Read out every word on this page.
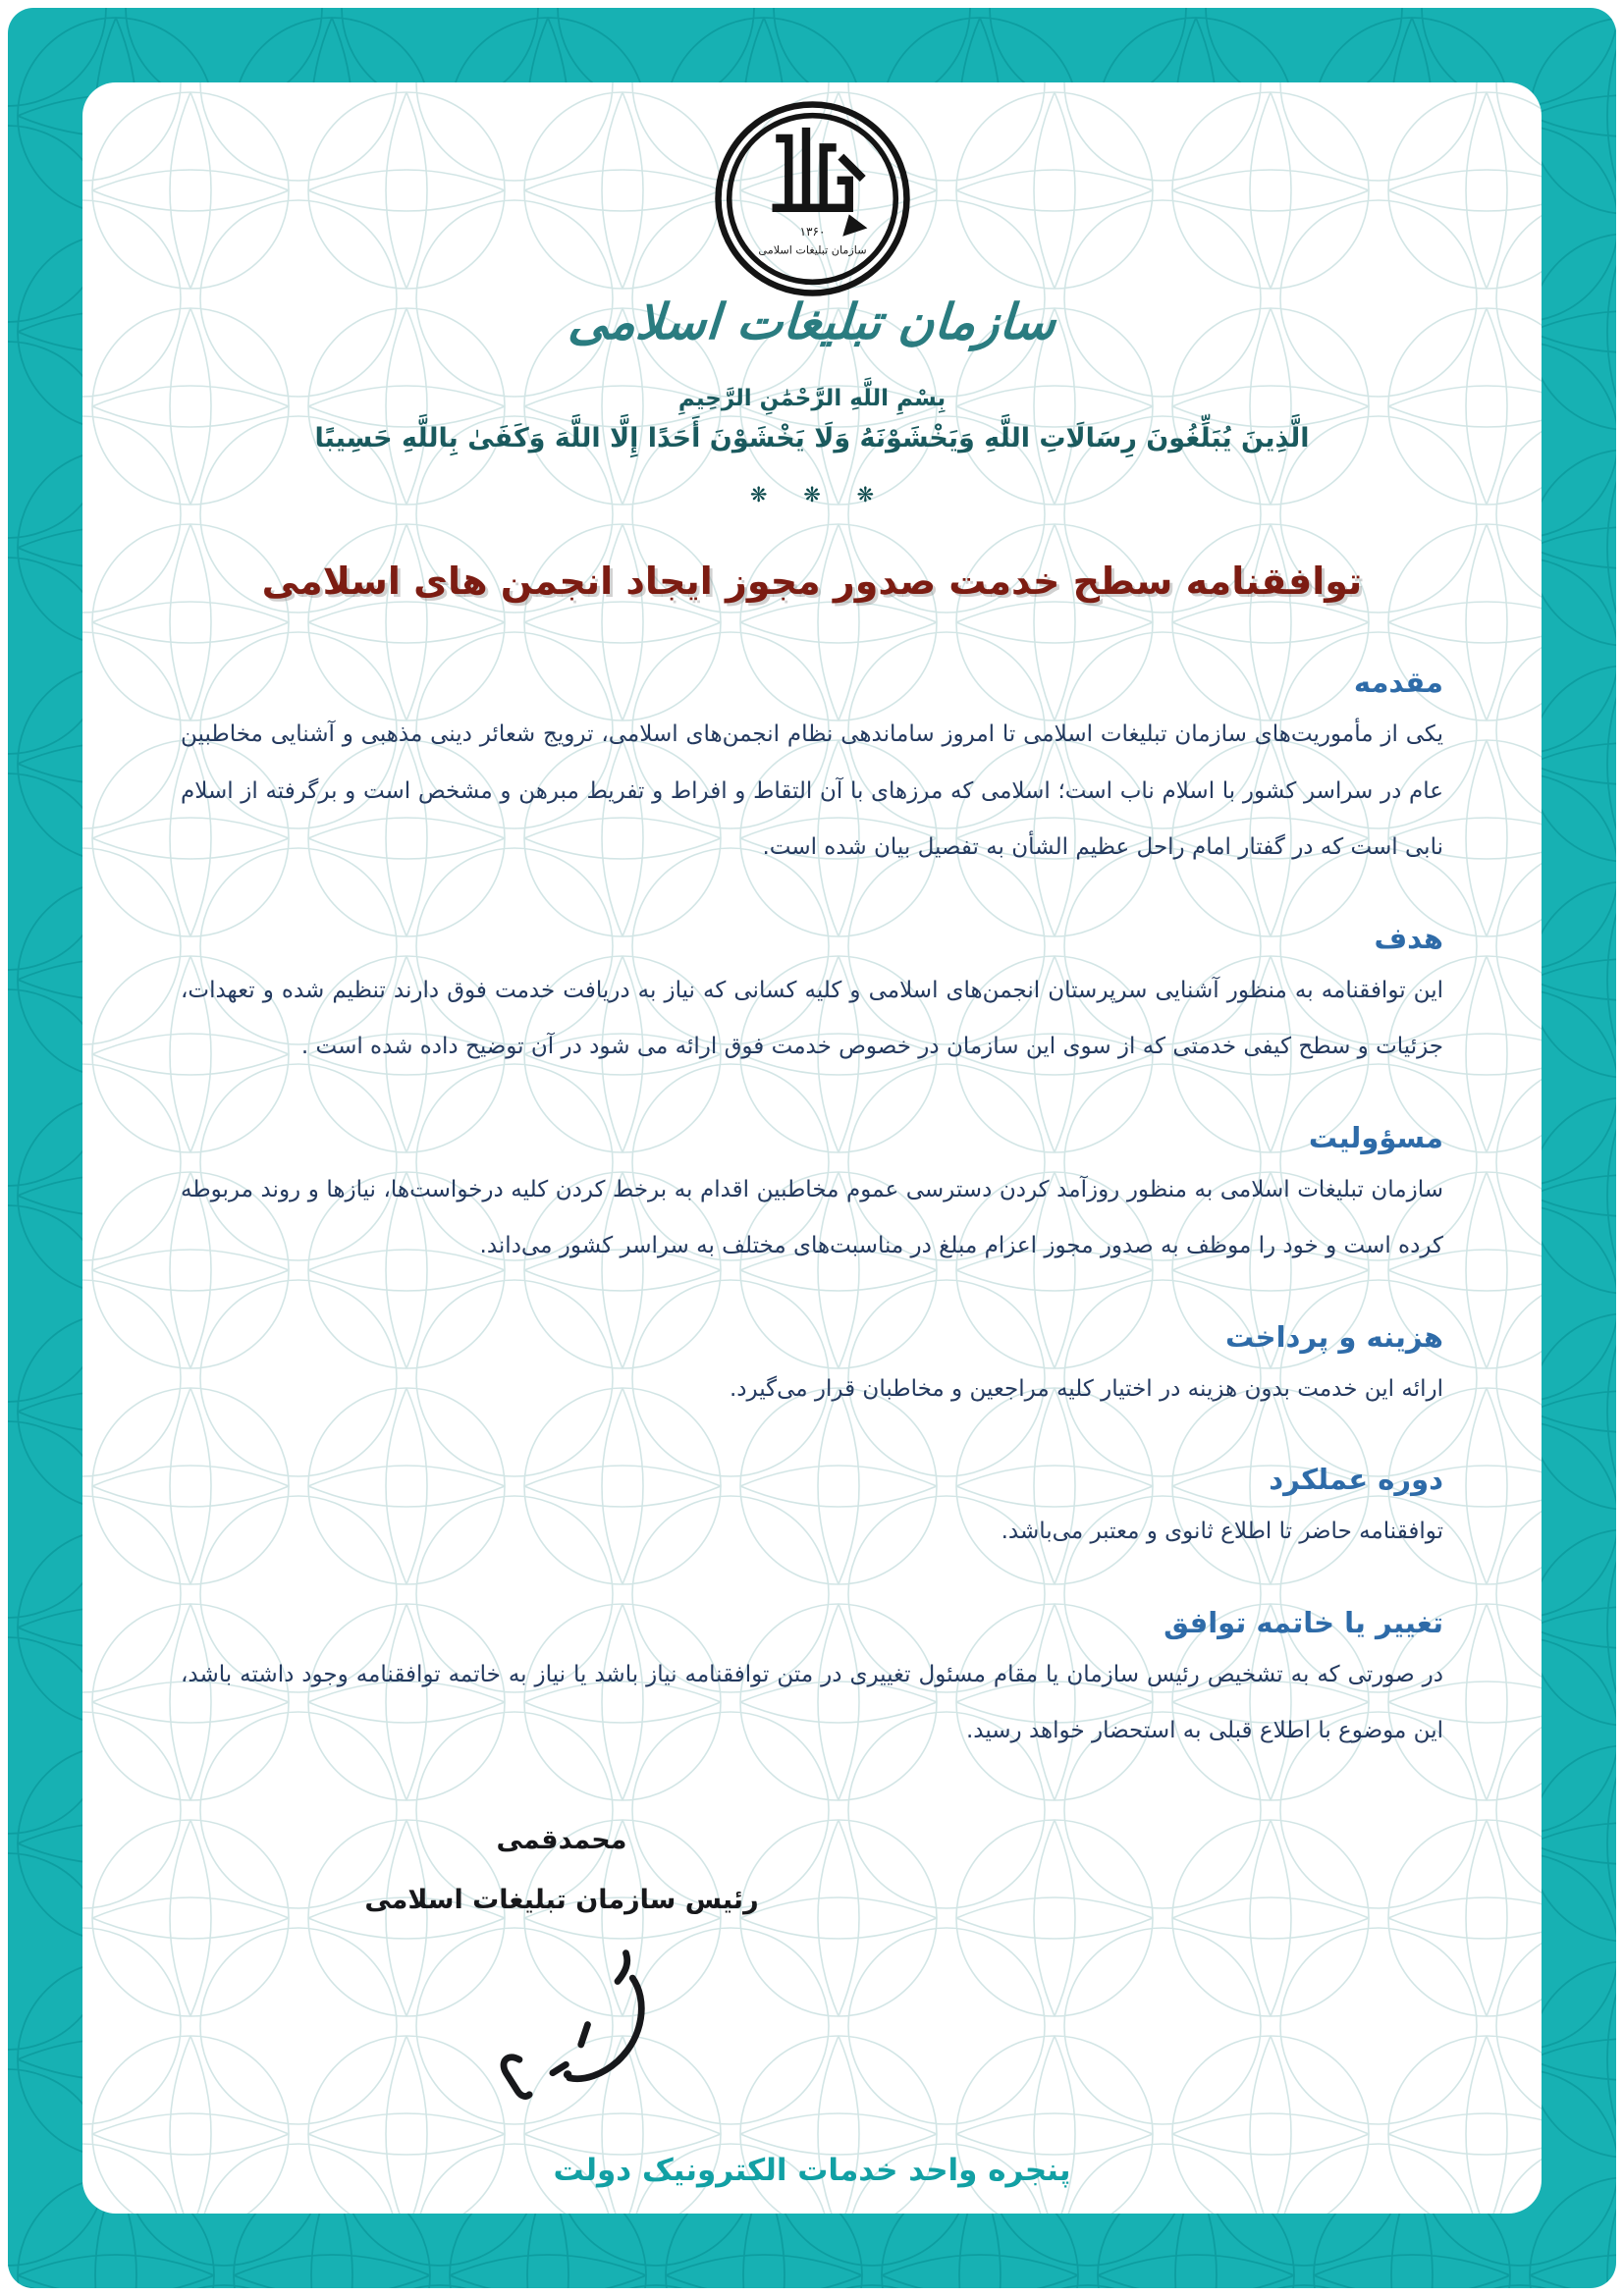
۱۳۶۰
سازمان تبلیغات اسلامی
سازمان تبلیغات اسلامی
بِسْمِ اللَّهِ الرَّحْمَٰنِ الرَّحِيمِ
الَّذِينَ يُبَلِّغُونَ رِسَالَاتِ اللَّهِ وَيَخْشَوْنَهُ وَلَا يَخْشَوْنَ أَحَدًا إِلَّا اللَّهَ وَكَفَىٰ بِاللَّهِ حَسِيبًا
❋ ❋ ❋
توافقنامه سطح خدمت صدور مجوز ایجاد انجمن های اسلامی
مقدمه

یکی از مأموریت‌های سازمان تبلیغات اسلامی تا امروز ساماندهی نظام انجمن‌های اسلامی، ترویج شعائر دینی مذهبی و آشنایی مخاطبین عام در سراسر کشور با اسلام ناب است؛ اسلامی که مرزهای با آن التقاط و افراط و تفریط مبرهن و مشخص است و برگرفته از اسلام نابی است که در گفتار امام راحل عظیم الشأن به تفصیل بیان شده است.

هدف

این توافقنامه به منظور آشنایی سرپرستان انجمن‌های اسلامی و کلیه کسانی که نیاز به دریافت خدمت فوق دارند تنظیم شده و تعهدات، جزئیات و سطح کیفی خدمتی که از سوی این سازمان در خصوص خدمت فوق ارائه می شود در آن توضیح داده شده است .

مسؤولیت

سازمان تبلیغات اسلامی به منظور روزآمد کردن دسترسی عموم مخاطبین اقدام به برخط کردن کلیه درخواست‌ها، نیازها و روند مربوطه کرده است و خود را موظف به صدور مجوز اعزام مبلغ در مناسبت‌های مختلف به سراسر کشور می‌داند.

هزینه و پرداخت

ارائه این خدمت بدون هزینه در اختیار کلیه مراجعین و مخاطبان قرار می‌گیرد.

دوره عملکرد

توافقنامه حاضر تا اطلاع ثانوی و معتبر می‌باشد.

تغییر یا خاتمه توافق

در صورتی که به تشخیص رئیس سازمان یا مقام مسئول تغییری در متن توافقنامه نیاز باشد یا نیاز به خاتمه توافقنامه وجود داشته باشد، این موضوع با اطلاع قبلی به استحضار خواهد رسید.

محمدقمی

رئیس سازمان تبلیغات اسلامی

پنجره واحد خدمات الکترونیک دولت
